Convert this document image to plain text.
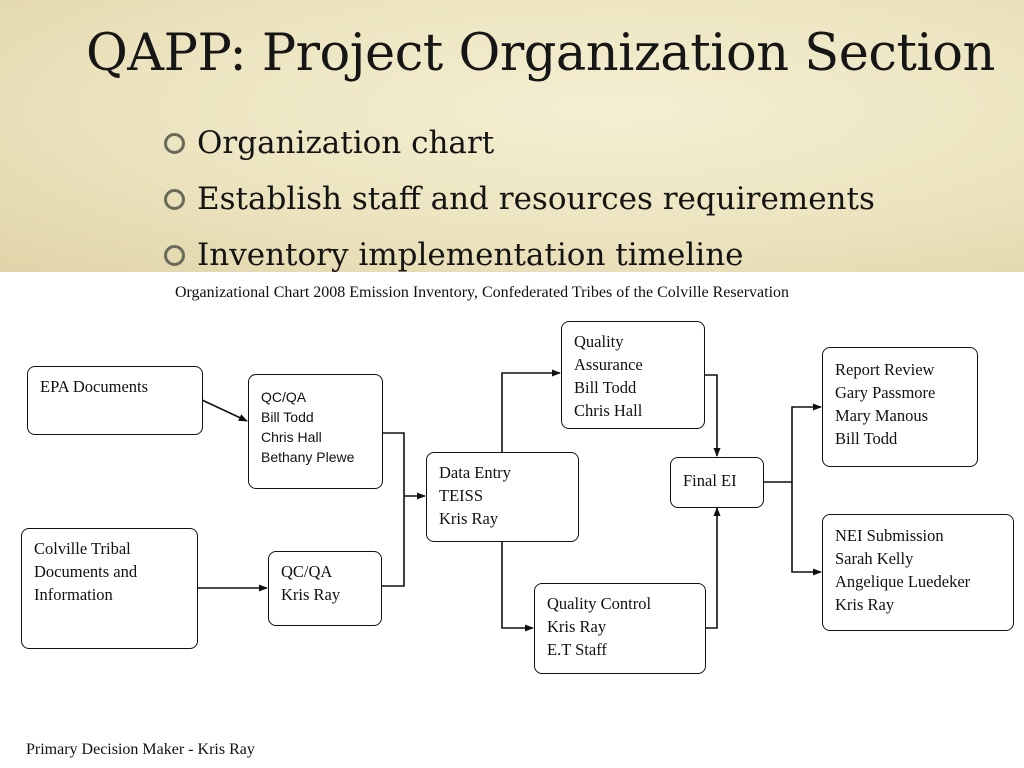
QAPP: Project Organization Section
Organization chart
Establish staff and resources requirements
Inventory implementation timeline
Organizational Chart 2008 Emission Inventory, Confederated Tribes of the Colville Reservation
EPA Documents
QC/QA
Bill Todd
Chris Hall
Bethany Plewe
Colville Tribal
Documents and
Information
QC/QA
Kris Ray
Data Entry
TEISS
Kris Ray
Quality
Assurance
Bill Todd
Chris Hall
Quality Control
Kris Ray
E.T Staff
Final EI
Report Review
Gary Passmore
Mary Manous
Bill Todd
NEI Submission
Sarah Kelly
Angelique Luedeker
Kris Ray
Primary Decision Maker - Kris Ray
